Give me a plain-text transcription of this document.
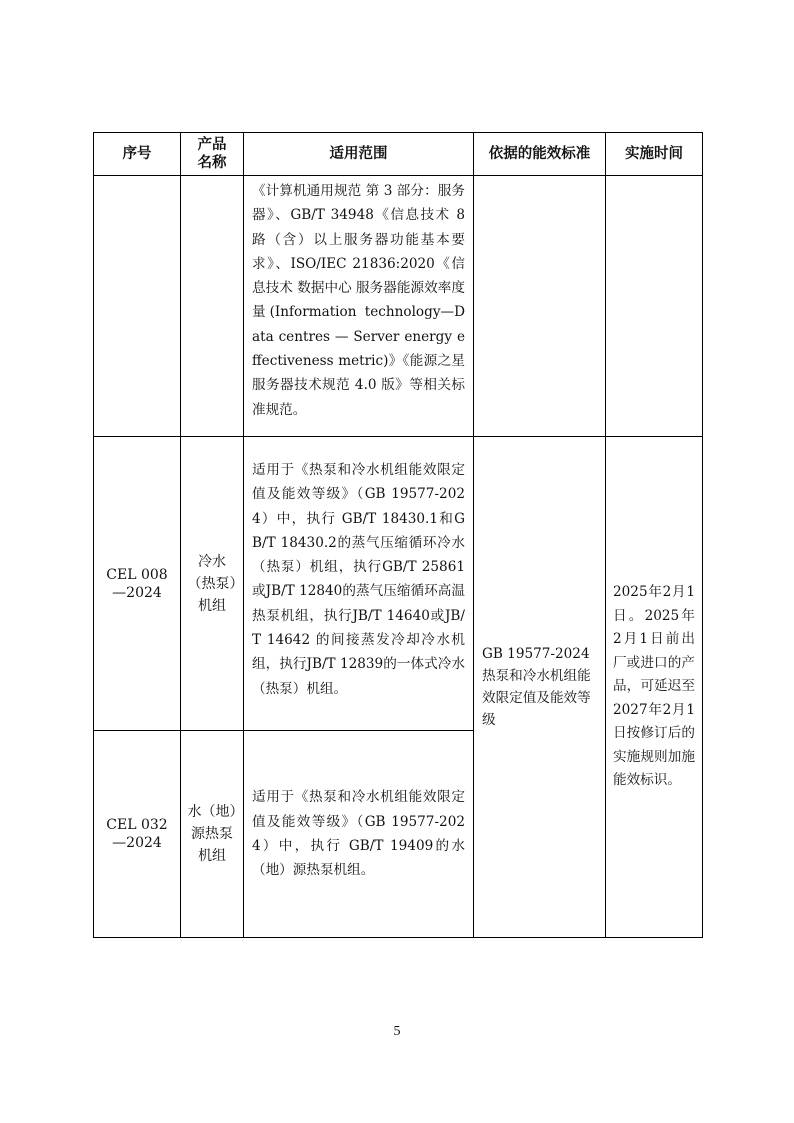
序号	产品名称	适用范围	依据的能效标准	实施时间

		《计算机通用规范 第 3 部分：服务器》、GB/T 34948《信息技术 8 路（含）以上服务器功能基本要求》、ISO/IEC 21836:2020《信息技术 数据中心 服务器能源效率度量(Information technology—Data centres — Server energy effectiveness metric)》《能源之星服务器技术规范 4.0 版》等相关标准规范。		

CEL 008—2024	冷水（热泵）机组	适用于《热泵和冷水机组能效限定值及能效等级》（GB 19577-2024）中，执行 GB/T 18430.1和GB/T 18430.2的蒸气压缩循环冷水（热泵）机组，执行GB/T 25861或JB/T 12840的蒸气压缩循环高温热泵机组，执行JB/T 14640或JB/T 14642 的间接蒸发冷却冷水机组，执行JB/T 12839的一体式冷水（热泵）机组。	GB 19577-2024 热泵和冷水机组能效限定值及能效等级	2025年2月1日。2025年2月1日前出厂或进口的产品，可延迟至2027年2月1日按修订后的实施规则加施能效标识。

CEL 032—2024	水（地）源热泵机组	适用于《热泵和冷水机组能效限定值及能效等级》（GB 19577-2024）中，执行 GB/T 19409的水（地）源热泵机组。		
5
